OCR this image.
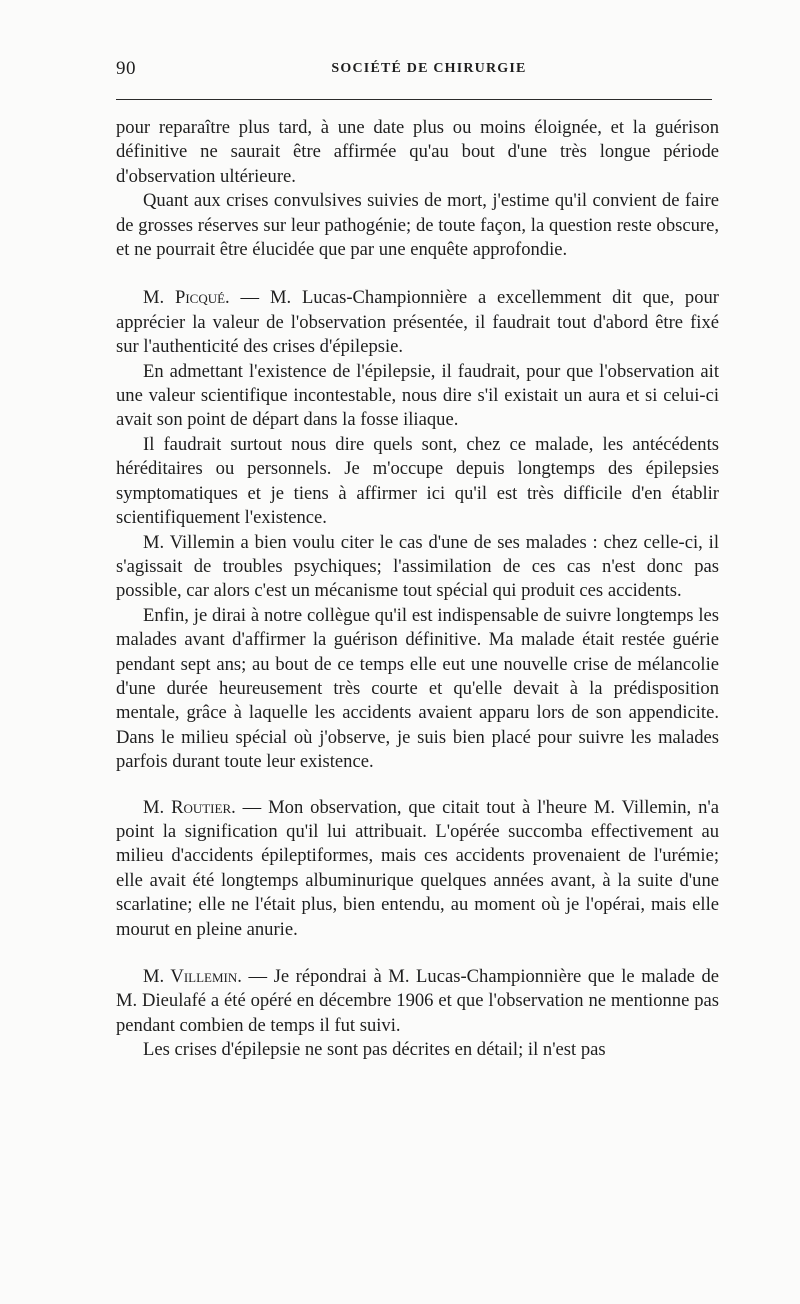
90	SOCIÉTÉ DE CHIRURGIE

pour reparaître plus tard, à une date plus ou moins éloignée, et la guérison définitive ne saurait être affirmée qu'au bout d'une très longue période d'observation ultérieure.

Quant aux crises convulsives suivies de mort, j'estime qu'il convient de faire de grosses réserves sur leur pathogénie; de toute façon, la question reste obscure, et ne pourrait être élucidée que par une enquête approfondie.

M. Picqué. — M. Lucas-Championnière a excellemment dit que, pour apprécier la valeur de l'observation présentée, il faudrait tout d'abord être fixé sur l'authenticité des crises d'épilepsie.

En admettant l'existence de l'épilepsie, il faudrait, pour que l'observation ait une valeur scientifique incontestable, nous dire s'il existait un aura et si celui-ci avait son point de départ dans la fosse iliaque.

Il faudrait surtout nous dire quels sont, chez ce malade, les antécédents héréditaires ou personnels. Je m'occupe depuis longtemps des épilepsies symptomatiques et je tiens à affirmer ici qu'il est très difficile d'en établir scientifiquement l'existence.

M. Villemin a bien voulu citer le cas d'une de ses malades : chez celle-ci, il s'agissait de troubles psychiques; l'assimilation de ces cas n'est donc pas possible, car alors c'est un mécanisme tout spécial qui produit ces accidents.

Enfin, je dirai à notre collègue qu'il est indispensable de suivre longtemps les malades avant d'affirmer la guérison définitive. Ma malade était restée guérie pendant sept ans; au bout de ce temps elle eut une nouvelle crise de mélancolie d'une durée heureusement très courte et qu'elle devait à la prédisposition mentale, grâce à laquelle les accidents avaient apparu lors de son appendicite. Dans le milieu spécial où j'observe, je suis bien placé pour suivre les malades parfois durant toute leur existence.

M. Routier. — Mon observation, que citait tout à l'heure M. Villemin, n'a point la signification qu'il lui attribuait. L'opérée succomba effectivement au milieu d'accidents épileptiformes, mais ces accidents provenaient de l'urémie; elle avait été longtemps albuminurique quelques années avant, à la suite d'une scarlatine; elle ne l'était plus, bien entendu, au moment où je l'opérai, mais elle mourut en pleine anurie.

M. Villemin. — Je répondrai à M. Lucas-Championnière que le malade de M. Dieulafé a été opéré en décembre 1906 et que l'observation ne mentionne pas pendant combien de temps il fut suivi.

Les crises d'épilepsie ne sont pas décrites en détail; il n'est pas
